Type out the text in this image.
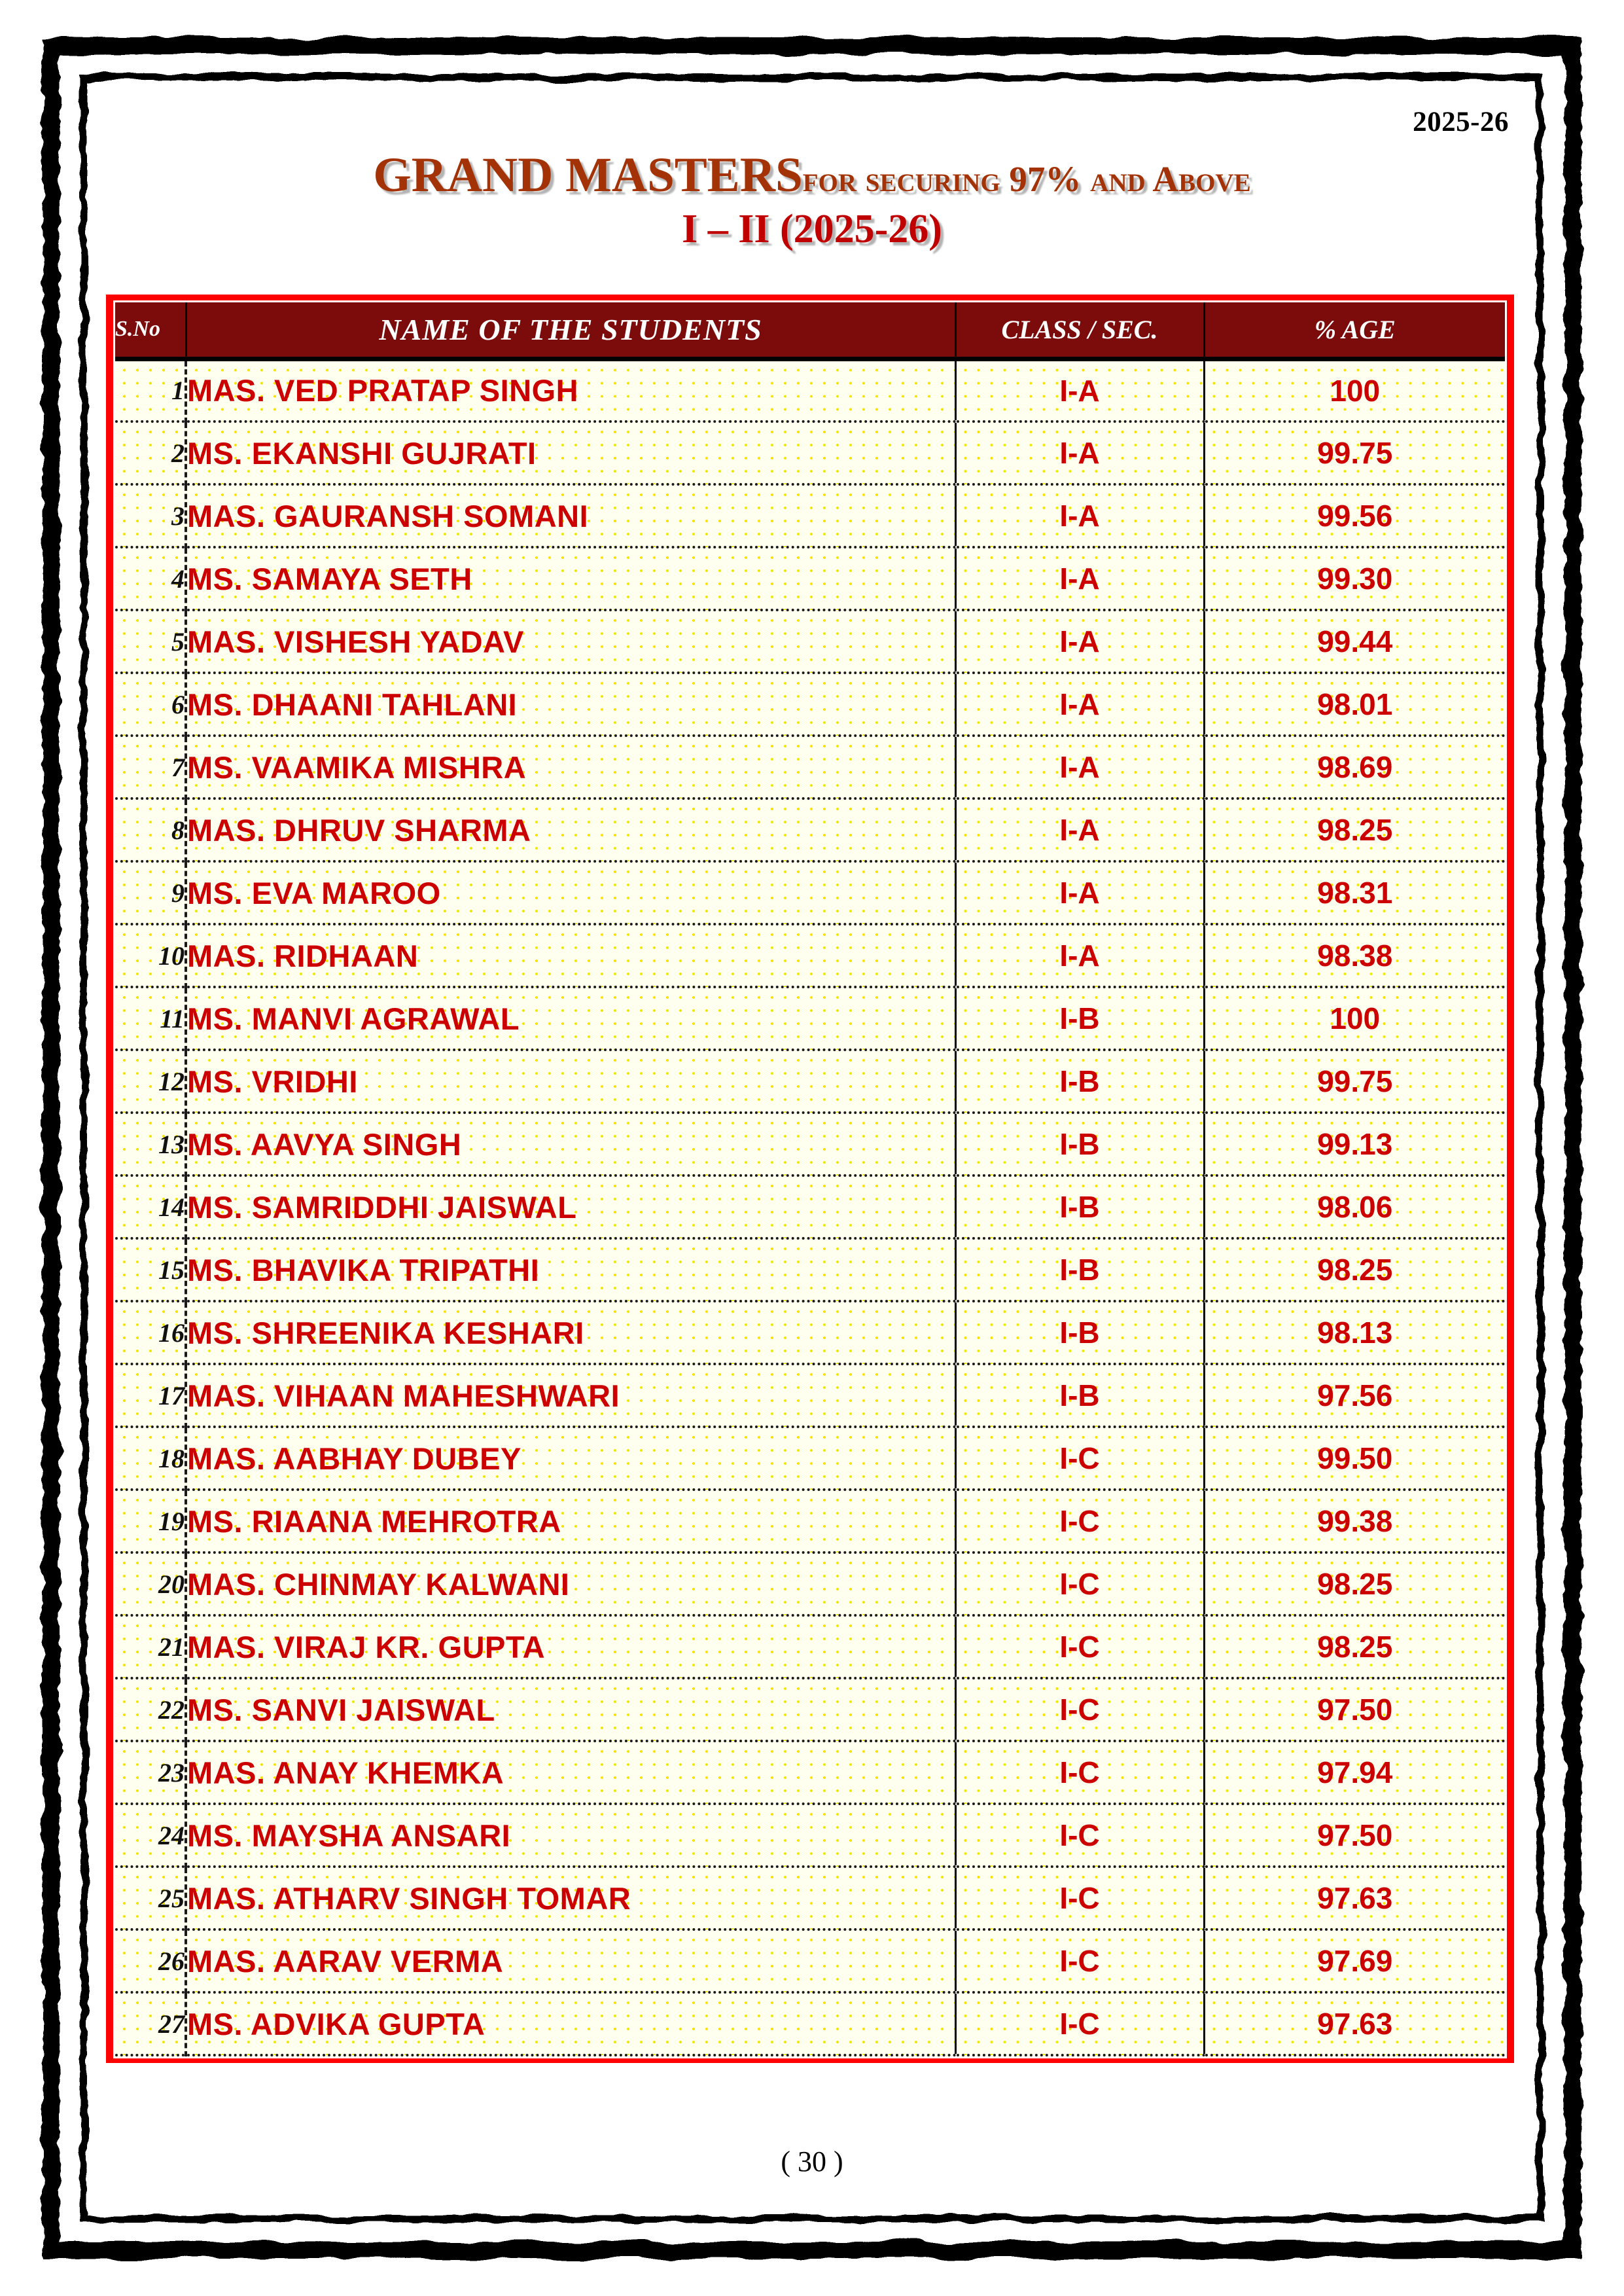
2025-26
GRAND MASTERSfor securing 97% and Above
I – II (2025-26)
S.No	NAME OF THE STUDENTS	CLASS / SEC.	% AGE
1	MAS. VED PRATAP SINGH	I-A	100
2	MS. EKANSHI GUJRATI	I-A	99.75
3	MAS. GAURANSH SOMANI	I-A	99.56
4	MS. SAMAYA SETH	I-A	99.30
5	MAS. VISHESH YADAV	I-A	99.44
6	MS. DHAANI TAHLANI	I-A	98.01
7	MS. VAAMIKA MISHRA	I-A	98.69
8	MAS. DHRUV SHARMA	I-A	98.25
9	MS. EVA MAROO	I-A	98.31
10	MAS. RIDHAAN	I-A	98.38
11	MS. MANVI AGRAWAL	I-B	100
12	MS. VRIDHI	I-B	99.75
13	MS. AAVYA SINGH	I-B	99.13
14	MS. SAMRIDDHI JAISWAL	I-B	98.06
15	MS. BHAVIKA TRIPATHI	I-B	98.25
16	MS. SHREENIKA KESHARI	I-B	98.13
17	MAS. VIHAAN MAHESHWARI	I-B	97.56
18	MAS. AABHAY DUBEY	I-C	99.50
19	MS. RIAANA MEHROTRA	I-C	99.38
20	MAS. CHINMAY KALWANI	I-C	98.25
21	MAS. VIRAJ KR. GUPTA	I-C	98.25
22	MS. SANVI JAISWAL	I-C	97.50
23	MAS. ANAY KHEMKA	I-C	97.94
24	MS. MAYSHA ANSARI	I-C	97.50
25	MAS. ATHARV SINGH TOMAR	I-C	97.63
26	MAS. AARAV VERMA	I-C	97.69
27	MS. ADVIKA GUPTA	I-C	97.63
( 30 )
